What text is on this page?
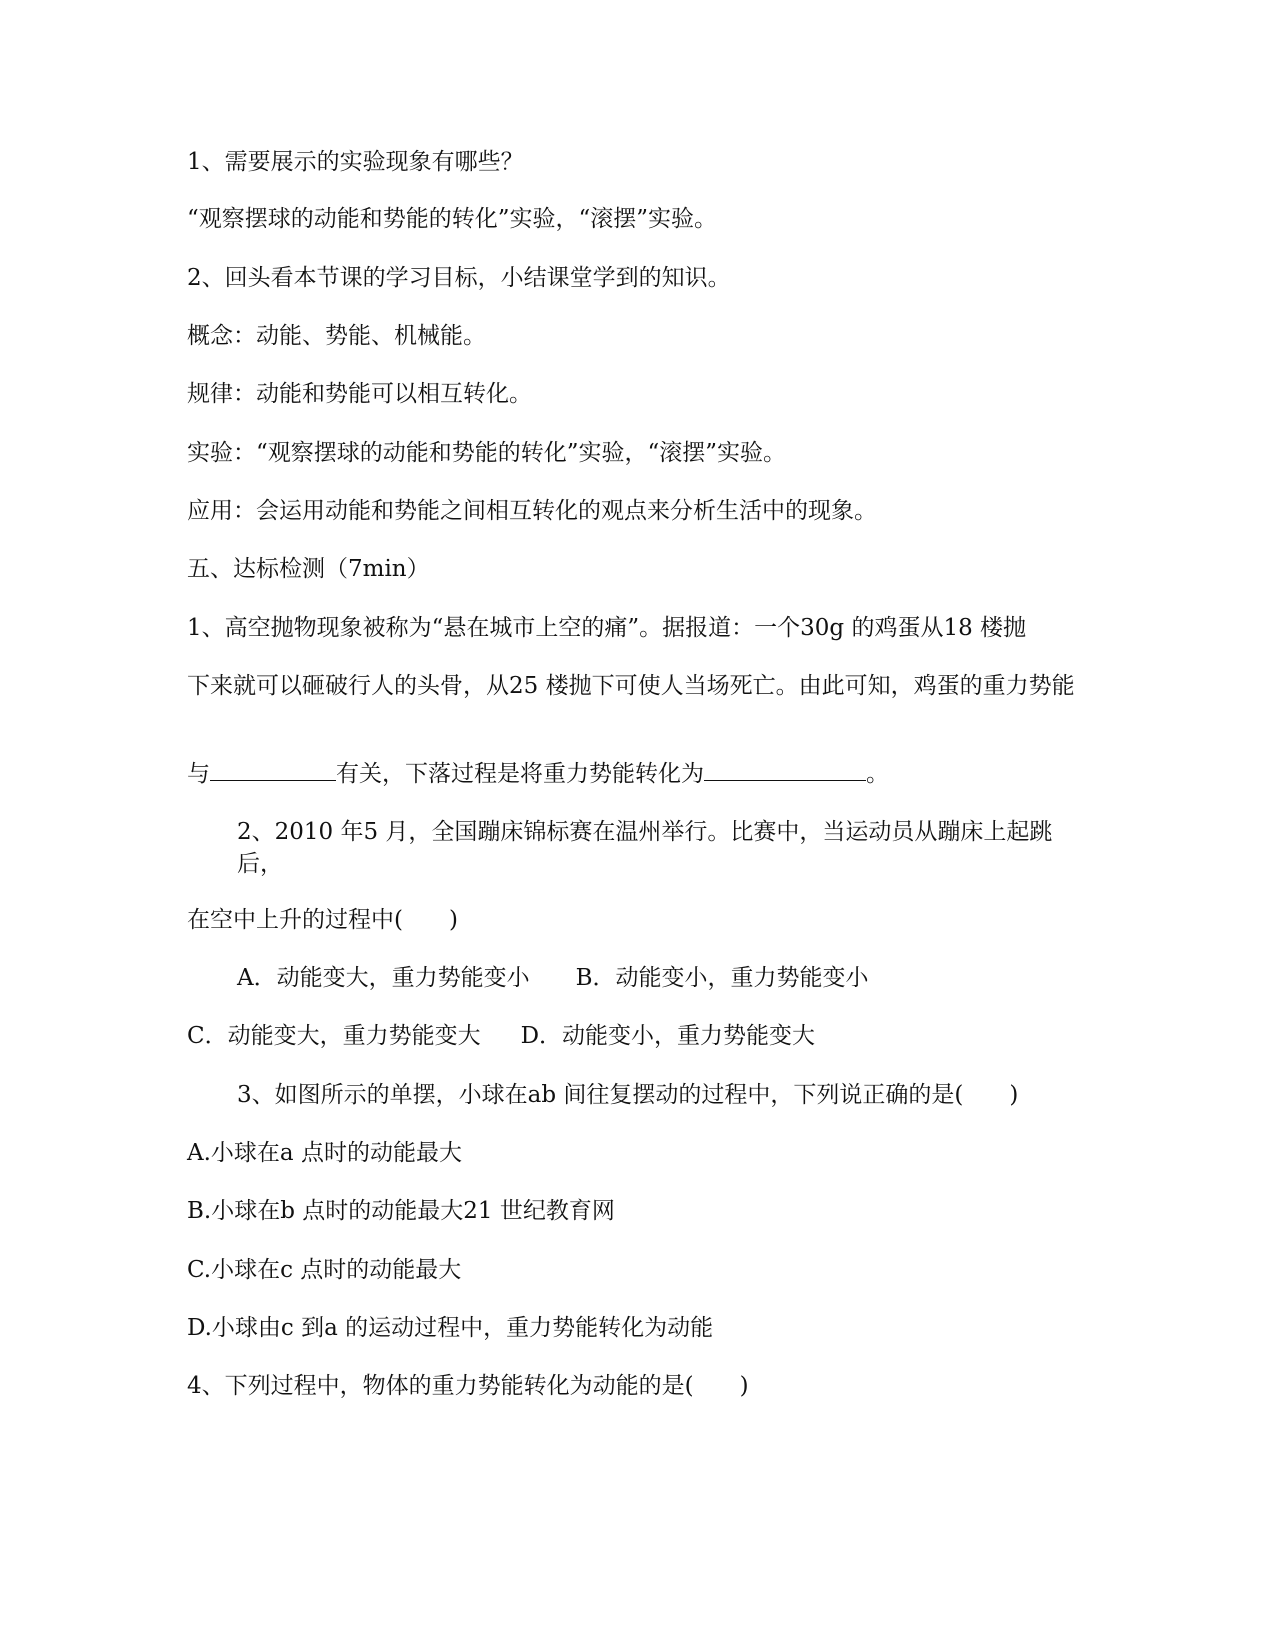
1、需要展示的实验现象有哪些？
“观察摆球的动能和势能的转化”实验，“滚摆”实验。
2、回头看本节课的学习目标，小结课堂学到的知识。
概念：动能、势能、机械能。
规律：动能和势能可以相互转化。
实验：“观察摆球的动能和势能的转化”实验，“滚摆”实验。
应用：会运用动能和势能之间相互转化的观点来分析生活中的现象。
五、达标检测（7min）
1、高空抛物现象被称为“悬在城市上空的痛”。据报道：一个30g 的鸡蛋从18 楼抛
下来就可以砸破行人的头骨，从25 楼抛下可使人当场死亡。由此可知，鸡蛋的重力势能
与	有关，下落过程是将重力势能转化为	。
2、2010 年5 月，全国蹦床锦标赛在温州举行。比赛中，当运动员从蹦床上起跳后，
在空中上升的过程中(　　)
A．动能变大，重力势能变小 B．动能变小，重力势能变小
C．动能变大，重力势能变大 D．动能变小，重力势能变大
3、如图所示的单摆，小球在ab 间往复摆动的过程中，下列说正确的是(　　)
A.小球在a 点时的动能最大
B.小球在b 点时的动能最大21 世纪教育网
C.小球在c 点时的动能最大
D.小球由c 到a 的运动过程中，重力势能转化为动能
4、下列过程中，物体的重力势能转化为动能的是(　　)
